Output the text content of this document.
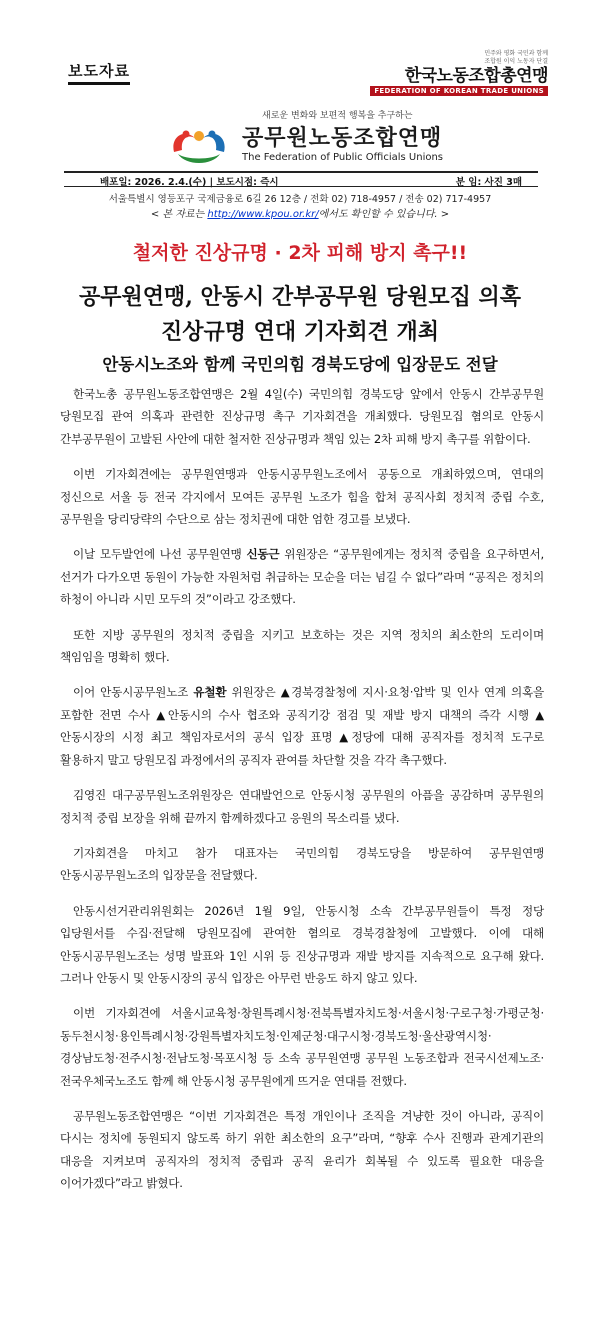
보도자료
민주와 평화 국민과 함께
조합원 이익 노동자 단결
한국노동조합총연맹
FEDERATION OF KOREAN TRADE UNIONS
새로운 변화와 보편적 행복을 추구하는
공무원노동조합연맹
The Federation of Public Officials Unions
배포일: 2026. 2.4.(수) | 보도시점: 즉시	분 임: 사진 3매
서울특별시 영등포구 국제금융로 6길 26 12층 / 전화 02) 718-4957 / 전송 02) 717-4957
< 본 자료는 http://www.kpou.or.kr/에서도 확인할 수 있습니다. >
철저한 진상규명 · 2차 피해 방지 촉구!!
공무원연맹, 안동시 간부공무원 당원모집 의혹
진상규명 연대 기자회견 개최
안동시노조와 함께 국민의힘 경북도당에 입장문도 전달

한국노총 공무원노동조합연맹은 2월 4일(수) 국민의힘 경북도당 앞에서 안동시 간부공무원 당원모집 관여 의혹과 관련한 진상규명 촉구 기자회견을 개최했다. 당원모집 혐의로 안동시 간부공무원이 고발된 사안에 대한 철저한 진상규명과 책임 있는 2차 피해 방지 촉구를 위함이다.

이번 기자회견에는 공무원연맹과 안동시공무원노조에서 공동으로 개최하였으며, 연대의 정신으로 서울 등 전국 각지에서 모여든 공무원 노조가 힘을 합쳐 공직사회 정치적 중립 수호, 공무원을 당리당략의 수단으로 삼는 정치권에 대한 엄한 경고를 보냈다.

이날 모두발언에 나선 공무원연맹 신동근 위원장은 “공무원에게는 정치적 중립을 요구하면서, 선거가 다가오면 동원이 가능한 자원처럼 취급하는 모순을 더는 넘길 수 없다”라며 “공직은 정치의 하청이 아니라 시민 모두의 것”이라고 강조했다.

또한 지방 공무원의 정치적 중립을 지키고 보호하는 것은 지역 정치의 최소한의 도리이며 책임임을 명확히 했다.

이어 안동시공무원노조 유철환 위원장은 ▲경북경찰청에 지시·요청·압박 및 인사 연계 의혹을 포함한 전면 수사 ▲안동시의 수사 협조와 공직기강 점검 및 재발 방지 대책의 즉각 시행 ▲안동시장의 시정 최고 책임자로서의 공식 입장 표명 ▲정당에 대해 공직자를 정치적 도구로 활용하지 말고 당원모집 과정에서의 공직자 관여를 차단할 것을 각각 촉구했다.

김영진 대구공무원노조위원장은 연대발언으로 안동시청 공무원의 아픔을 공감하며 공무원의 정치적 중립 보장을 위해 끝까지 함께하겠다고 응원의 목소리를 냈다.

기자회견을 마치고 참가 대표자는 국민의힘 경북도당을 방문하여 공무원연맹 안동시공무원노조의 입장문을 전달했다.

안동시선거관리위원회는 2026년 1월 9일, 안동시청 소속 간부공무원들이 특정 정당 입당원서를 수집·전달해 당원모집에 관여한 혐의로 경북경찰청에 고발했다. 이에 대해 안동시공무원노조는 성명 발표와 1인 시위 등 진상규명과 재발 방지를 지속적으로 요구해 왔다. 그러나 안동시 및 안동시장의 공식 입장은 아무런 반응도 하지 않고 있다.

이번 기자회견에 서울시교육청·창원특례시청·전북특별자치도청·서울시청·구로구청·가평군청·동두천시청·용인특례시청·강원특별자치도청·인제군청·대구시청·경북도청·울산광역시청·경상남도청·전주시청·전남도청·목포시청 등 소속 공무원연맹 공무원 노동조합과 전국시선제노조·전국우체국노조도 함께 해 안동시청 공무원에게 뜨거운 연대를 전했다.

공무원노동조합연맹은 “이번 기자회견은 특정 개인이나 조직을 겨냥한 것이 아니라, 공직이 다시는 정치에 동원되지 않도록 하기 위한 최소한의 요구”라며, “향후 수사 진행과 관계기관의 대응을 지켜보며 공직자의 정치적 중립과 공직 윤리가 회복될 수 있도록 필요한 대응을 이어가겠다”라고 밝혔다.
